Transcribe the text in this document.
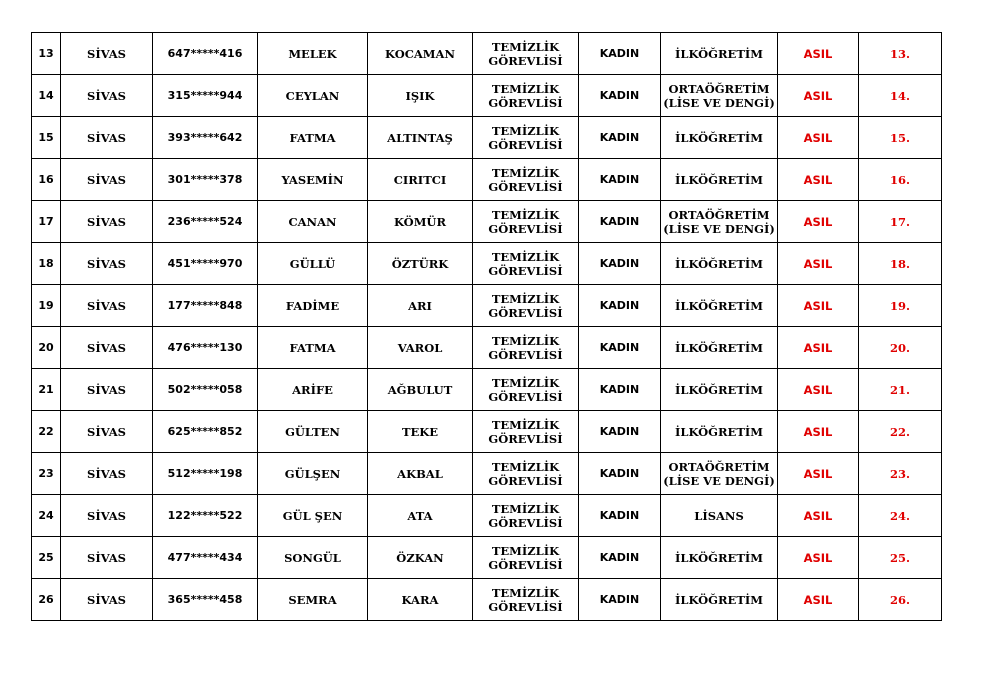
13	SİVAS	647*****416	MELEK	KOCAMAN	TEMİZLİK GÖREVLİSİ	KADIN	İLKÖĞRETİM	ASIL	13.
14	SİVAS	315*****944	CEYLAN	IŞIK	TEMİZLİK GÖREVLİSİ	KADIN	ORTAÖĞRETİM (LİSE VE DENGİ)	ASIL	14.
15	SİVAS	393*****642	FATMA	ALTINTAŞ	TEMİZLİK GÖREVLİSİ	KADIN	İLKÖĞRETİM	ASIL	15.
16	SİVAS	301*****378	YASEMİN	CIRITCI	TEMİZLİK GÖREVLİSİ	KADIN	İLKÖĞRETİM	ASIL	16.
17	SİVAS	236*****524	CANAN	KÖMÜR	TEMİZLİK GÖREVLİSİ	KADIN	ORTAÖĞRETİM (LİSE VE DENGİ)	ASIL	17.
18	SİVAS	451*****970	GÜLLÜ	ÖZTÜRK	TEMİZLİK GÖREVLİSİ	KADIN	İLKÖĞRETİM	ASIL	18.
19	SİVAS	177*****848	FADİME	ARI	TEMİZLİK GÖREVLİSİ	KADIN	İLKÖĞRETİM	ASIL	19.
20	SİVAS	476*****130	FATMA	VAROL	TEMİZLİK GÖREVLİSİ	KADIN	İLKÖĞRETİM	ASIL	20.
21	SİVAS	502*****058	ARİFE	AĞBULUT	TEMİZLİK GÖREVLİSİ	KADIN	İLKÖĞRETİM	ASIL	21.
22	SİVAS	625*****852	GÜLTEN	TEKE	TEMİZLİK GÖREVLİSİ	KADIN	İLKÖĞRETİM	ASIL	22.
23	SİVAS	512*****198	GÜLŞEN	AKBAL	TEMİZLİK GÖREVLİSİ	KADIN	ORTAÖĞRETİM (LİSE VE DENGİ)	ASIL	23.
24	SİVAS	122*****522	GÜL ŞEN	ATA	TEMİZLİK GÖREVLİSİ	KADIN	LİSANS	ASIL	24.
25	SİVAS	477*****434	SONGÜL	ÖZKAN	TEMİZLİK GÖREVLİSİ	KADIN	İLKÖĞRETİM	ASIL	25.
26	SİVAS	365*****458	SEMRA	KARA	TEMİZLİK GÖREVLİSİ	KADIN	İLKÖĞRETİM	ASIL	26.
